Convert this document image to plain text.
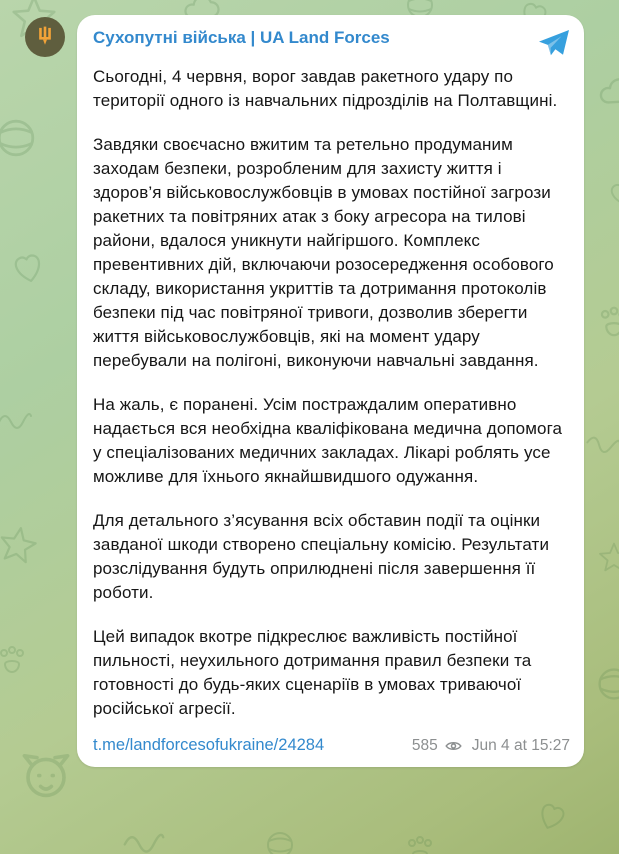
Сухопутні війська | UA Land Forces

Сьогодні, 4 червня, ворог завдав ракетного удару по території одного із навчальних підрозділів на Полтавщині.

Завдяки своєчасно вжитим та ретельно продуманим заходам безпеки, розробленим для захисту життя і здоров’я військовослужбовців в умовах постійної загрози ракетних та повітряних атак з боку агресора на тилові райони, вдалося уникнути найгіршого. Комплекс превентивних дій, включаючи розосередження особового складу, використання укриттів та дотримання протоколів безпеки під час повітряної тривоги, дозволив зберегти життя військовослужбовців, які на момент удару перебували на полігоні, виконуючи навчальні завдання.

На жаль, є поранені. Усім постраждалим оперативно надається вся необхідна кваліфікована медична допомога у спеціалізованих медичних закладах. Лікарі роблять усе можливе для їхнього якнайшвидшого одужання.

Для детального з’ясування всіх обставин події та оцінки завданої шкоди створено спеціальну комісію. Результати розслідування будуть оприлюднені після завершення її роботи.

Цей випадок вкотре підкреслює важливість постійної пильності, неухильного дотримання правил безпеки та готовності до будь-яких сценаріїв в умовах триваючої російської агресії.

t.me/landforcesofukraine/24284	585 Jun 4 at 15:27
